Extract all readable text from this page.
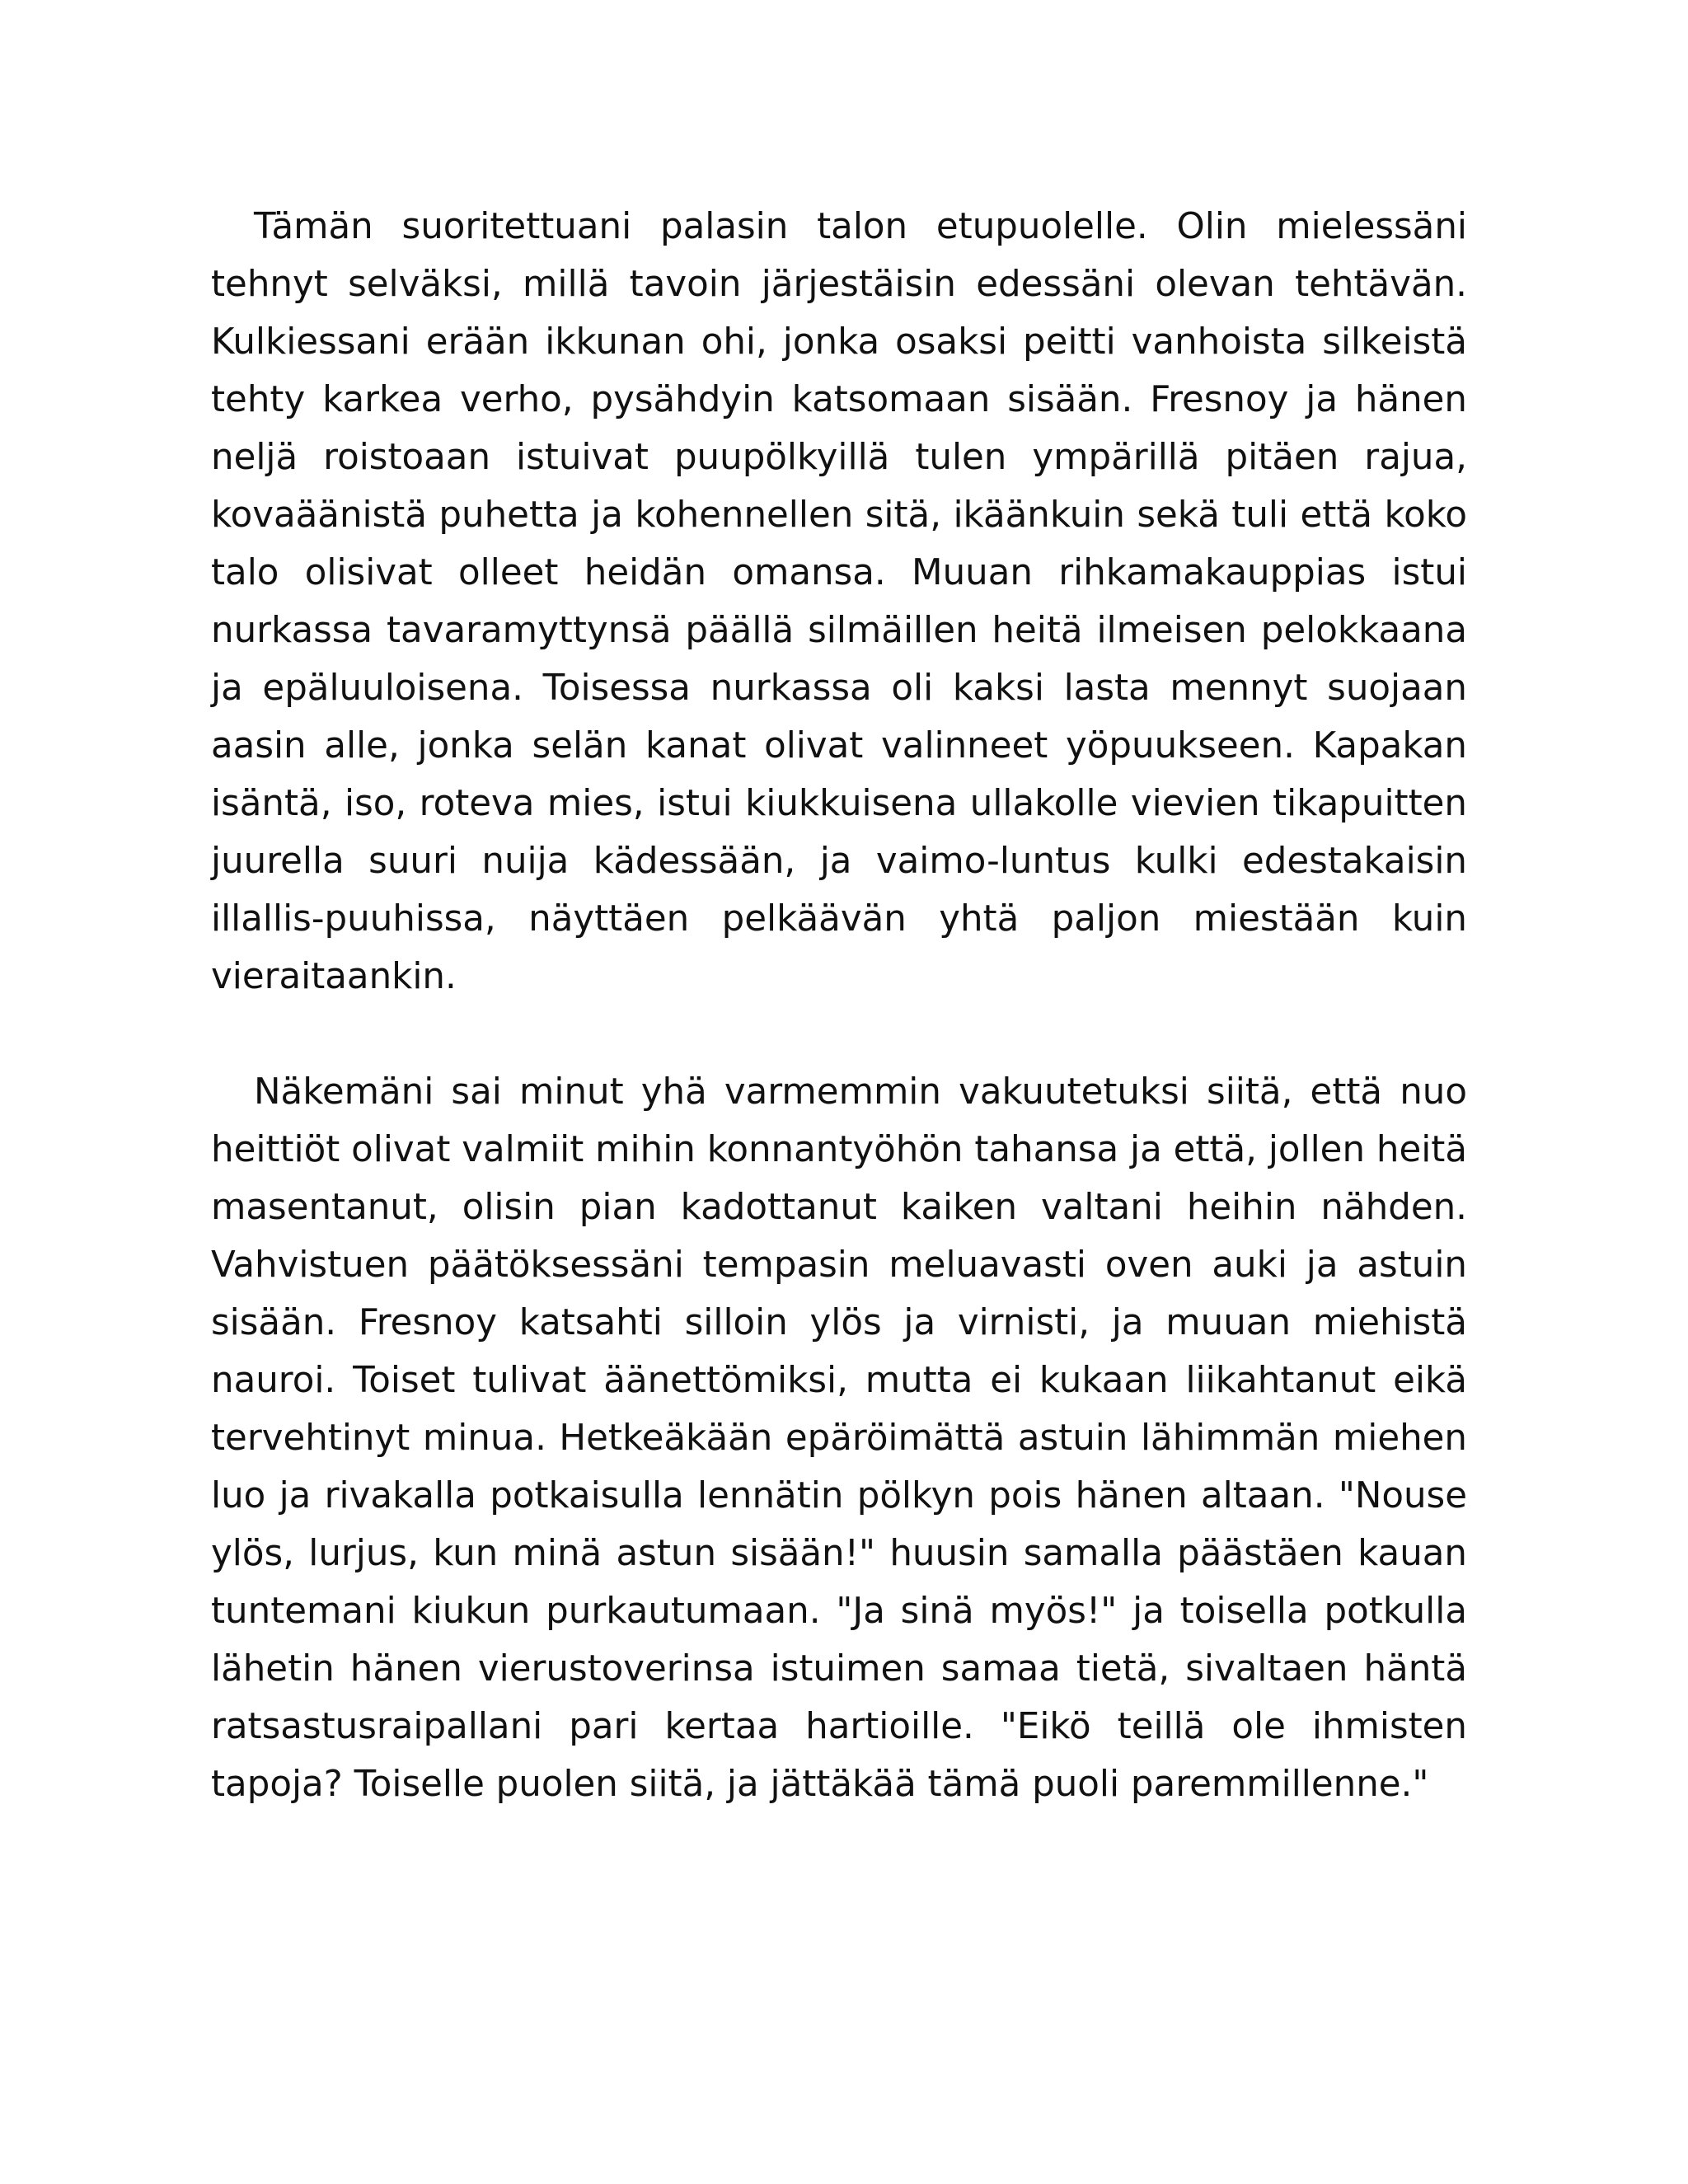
Tämän suoritettuani palasin talon etupuolelle. Olin mielessäni tehnyt selväksi, millä tavoin järjestäisin edessäni olevan tehtävän. Kulkiessani erään ikkunan ohi, jonka osaksi peitti vanhoista silkeistä tehty karkea verho, pysähdyin katsomaan sisään. Fresnoy ja hänen neljä roistoaan istuivat puupölkyillä tulen ympärillä pitäen rajua, kovaäänistä puhetta ja kohennellen sitä, ikäänkuin sekä tuli että koko talo olisivat olleet heidän omansa. Muuan rihkamakauppias istui nurkassa tavaramyttynsä päällä silmäillen heitä ilmeisen pelokkaana ja epäluuloisena. Toisessa nurkassa oli kaksi lasta mennyt suojaan aasin alle, jonka selän kanat olivat valinneet yöpuukseen. Kapakan isäntä, iso, roteva mies, istui kiukkuisena ullakolle vievien tikapuitten juurella suuri nuija kädessään, ja vaimo-luntus kulki edestakaisin illallis-puuhissa, näyttäen pelkäävän yhtä paljon miestään kuin vieraitaankin.

Näkemäni sai minut yhä varmemmin vakuutetuksi siitä, että nuo heittiöt olivat valmiit mihin konnantyöhön tahansa ja että, jollen heitä masentanut, olisin pian kadottanut kaiken valtani heihin nähden. Vahvistuen päätöksessäni tempasin meluavasti oven auki ja astuin sisään. Fresnoy katsahti silloin ylös ja virnisti, ja muuan miehistä nauroi. Toiset tulivat äänettömiksi, mutta ei kukaan liikahtanut eikä tervehtinyt minua. Hetkeäkään epäröimättä astuin lähimmän miehen luo ja rivakalla potkaisulla lennätin pölkyn pois hänen altaan. "Nouse ylös, lurjus, kun minä astun sisään!" huusin samalla päästäen kauan tuntemani kiukun purkautumaan. "Ja sinä myös!" ja toisella potkulla lähetin hänen vierustoverinsa istuimen samaa tietä, sivaltaen häntä ratsastusraipallani pari kertaa hartioille. "Eikö teillä ole ihmisten tapoja? Toiselle puolen siitä, ja jättäkää tämä puoli paremmillenne."
